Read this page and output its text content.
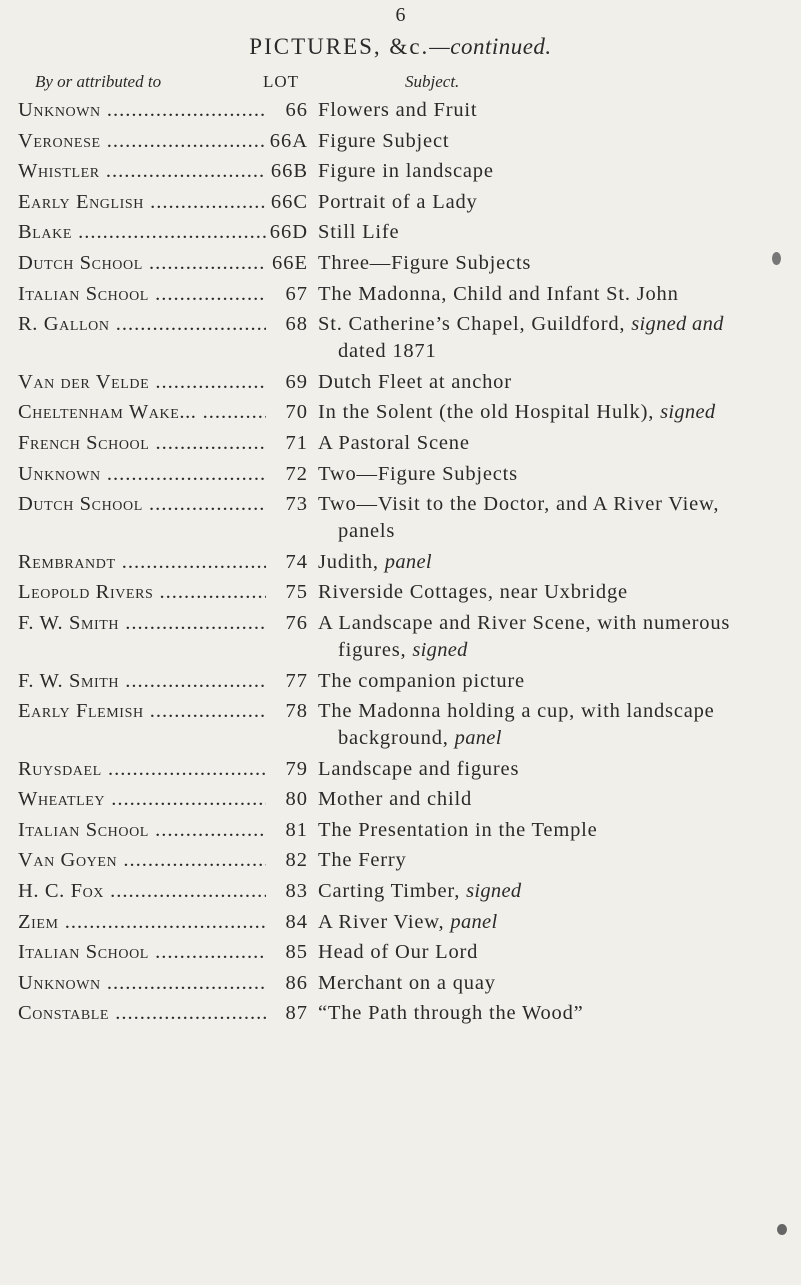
6
PICTURES, &c.—continued.
By or attributed to	LOT	Subject.
Unknown .....	66 Flowers and Fruit
Veronese .....	66A Figure Subject
Whistler .....	66B Figure in landscape
Early English .....	66C Portrait of a Lady
Blake .....	66D Still Life
Dutch School .....	66E Three—Figure Subjects
Italian School .....	67 The Madonna, Child and Infant St. John
R. Gallon .....	68 St. Catherine’s Chapel, Guildford, signed and
dated 1871
Van der Velde .....	69 Dutch Fleet at anchor
Cheltenham Wake... .....	70 In the Solent (the old Hospital Hulk), signed
French School .....	71 A Pastoral Scene
Unknown .....	72 Two—Figure Subjects
Dutch School .....	73 Two—Visit to the Doctor, and A River View,
panels
Rembrandt .....	74 Judith, panel
Leopold Rivers .....	75 Riverside Cottages, near Uxbridge
F. W. Smith .....	76 A Landscape and River Scene, with numerous
figures, signed
F. W. Smith .....	77 The companion picture
Early Flemish .....	78 The Madonna holding a cup, with landscape
background, panel
Ruysdael .....	79 Landscape and figures
Wheatley .....	80 Mother and child
Italian School .....	81 The Presentation in the Temple
Van Goyen .....	82 The Ferry
H. C. Fox .....	83 Carting Timber, signed
Ziem .....	84 A River View, panel
Italian School .....	85 Head of Our Lord
Unknown .....	86 Merchant on a quay
Constable .....	87 “The Path through the Wood”
